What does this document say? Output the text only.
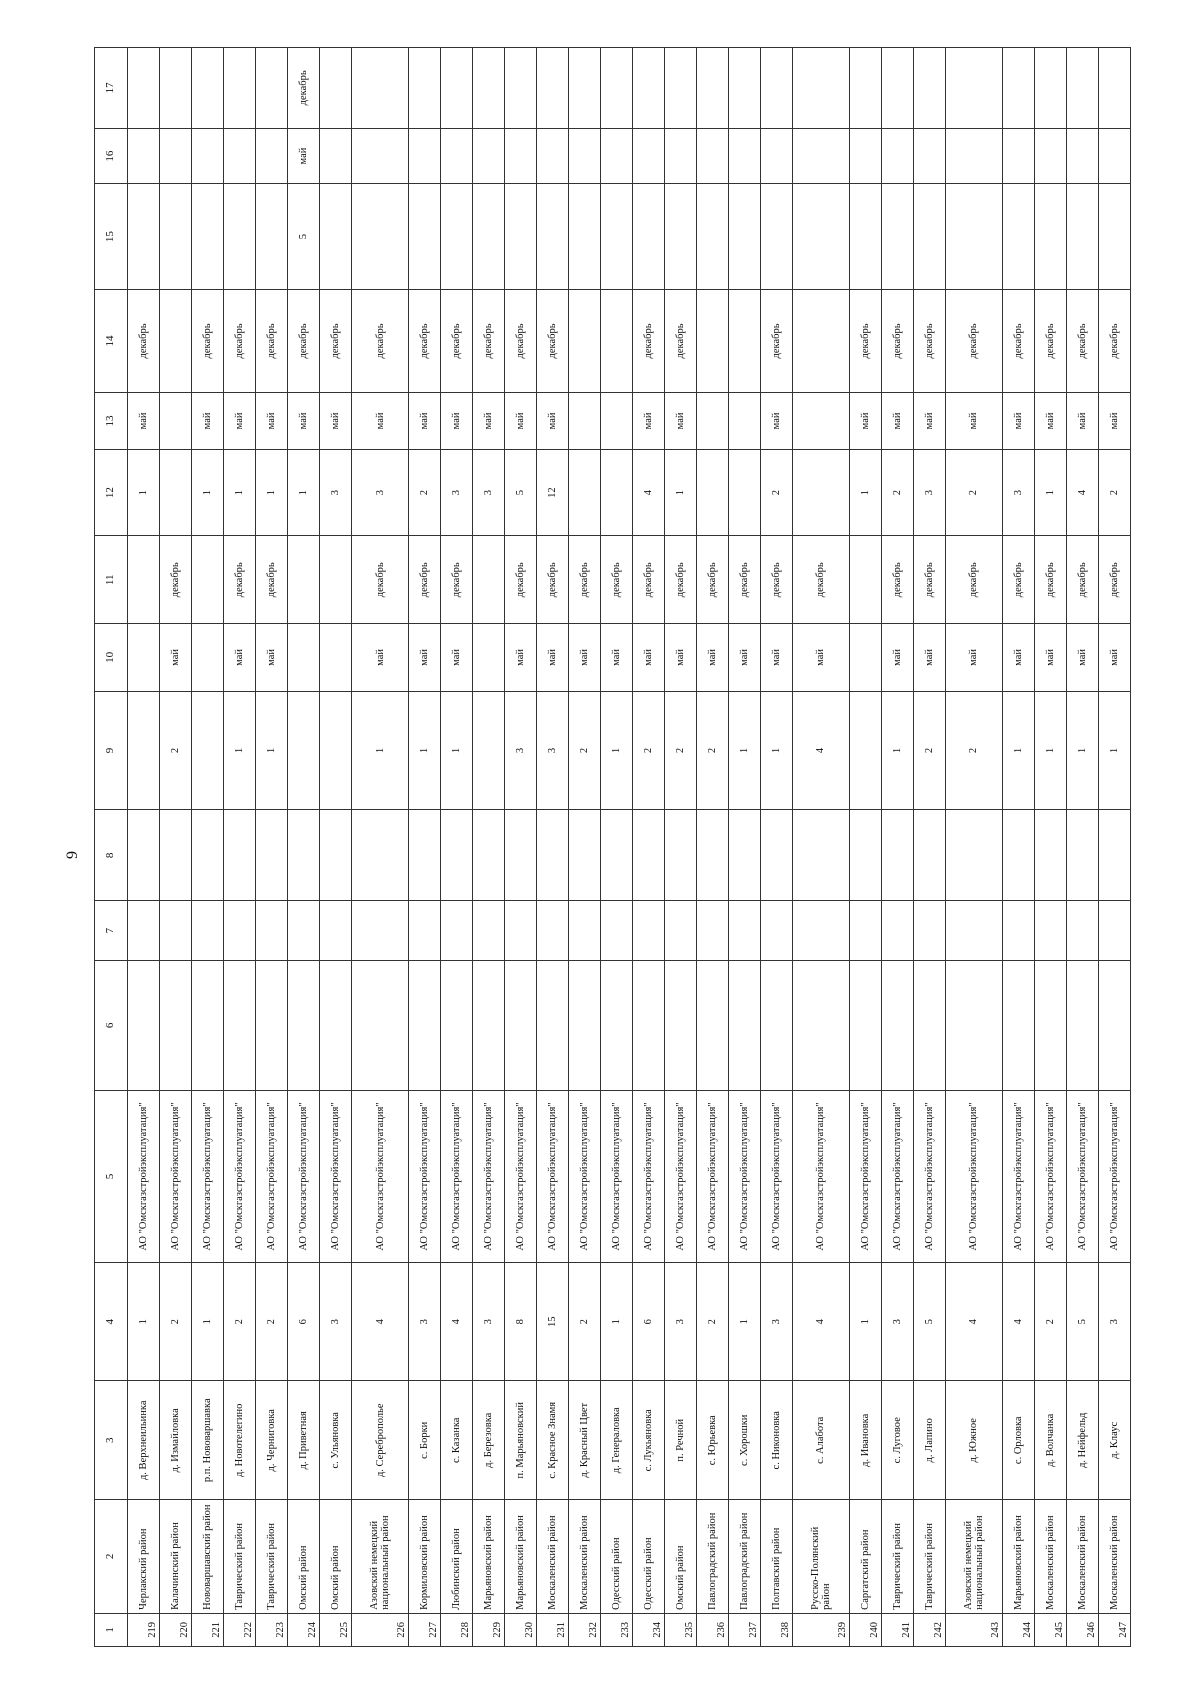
9
1	2	3	4	5	6	7	8	9	10	11	12	13	14	15	16	17
219	Черлакский район	д. Верхнеильинка	1	АО "Омскгазстройэксплуатация"							1	май	декабрь			
220	Калачинский район	д. Измайловка	2	АО "Омскгазстройэксплуатация"				2	май	декабрь						
221	Нововаршавский район	р.п. Нововаршавка	1	АО "Омскгазстройэксплуатация"							1	май	декабрь			
222	Таврический район	д. Новотелегино	2	АО "Омскгазстройэксплуатация"				1	май	декабрь	1	май	декабрь			
223	Таврический район	д. Черниговка	2	АО "Омскгазстройэксплуатация"				1	май	декабрь	1	май	декабрь			
224	Омский район	д. Приветная	6	АО "Омскгазстройэксплуатация"							1	май	декабрь	5	май	декабрь
225	Омский район	с. Ульяновка	3	АО "Омскгазстройэксплуатация"							3	май	декабрь			
226	Азовский немецкий национальный район	д. Сереброполье	4	АО "Омскгазстройэксплуатация"				1	май	декабрь	3	май	декабрь			
227	Кормиловский район	с. Борки	3	АО "Омскгазстройэксплуатация"				1	май	декабрь	2	май	декабрь			
228	Любинский район	с. Казанка	4	АО "Омскгазстройэксплуатация"				1	май	декабрь	3	май	декабрь			
229	Марьяновский район	д. Березовка	3	АО "Омскгазстройэксплуатация"							3	май	декабрь			
230	Марьяновский район	п. Марьяновский	8	АО "Омскгазстройэксплуатация"				3	май	декабрь	5	май	декабрь			
231	Москаленский район	с. Красное Знамя	15	АО "Омскгазстройэксплуатация"				3	май	декабрь	12	май	декабрь			
232	Москаленский район	д. Красный Цвет	2	АО "Омскгазстройэксплуатация"				2	май	декабрь						
233	Одесский район	д. Генераловка	1	АО "Омскгазстройэксплуатация"				1	май	декабрь						
234	Одесский район	с. Лукьяновка	6	АО "Омскгазстройэксплуатация"				2	май	декабрь	4	май	декабрь			
235	Омский район	п. Речной	3	АО "Омскгазстройэксплуатация"				2	май	декабрь	1	май	декабрь			
236	Павлоградский район	с. Юрьевка	2	АО "Омскгазстройэксплуатация"				2	май	декабрь						
237	Павлоградский район	с. Хорошки	1	АО "Омскгазстройэксплуатация"				1	май	декабрь						
238	Полтавский район	с. Никоновка	3	АО "Омскгазстройэксплуатация"				1	май	декабрь	2	май	декабрь			
239	Русско-Полянский район	с. Алабота	4	АО "Омскгазстройэксплуатация"				4	май	декабрь						
240	Саргатский район	д. Ивановка	1	АО "Омскгазстройэксплуатация"							1	май	декабрь			
241	Таврический район	с. Луговое	3	АО "Омскгазстройэксплуатация"				1	май	декабрь	2	май	декабрь			
242	Таврический район	д. Лапино	5	АО "Омскгазстройэксплуатация"				2	май	декабрь	3	май	декабрь			
243	Азовский немецкий национальный район	д. Южное	4	АО "Омскгазстройэксплуатация"				2	май	декабрь	2	май	декабрь			
244	Марьяновский район	с. Орловка	4	АО "Омскгазстройэксплуатация"				1	май	декабрь	3	май	декабрь			
245	Москаленский район	д. Волчанка	2	АО "Омскгазстройэксплуатация"				1	май	декабрь	1	май	декабрь			
246	Москаленский район	д. Нейфельд	5	АО "Омскгазстройэксплуатация"				1	май	декабрь	4	май	декабрь			
247	Москаленский район	д. Клаус	3	АО "Омскгазстройэксплуатация"				1	май	декабрь	2	май	декабрь			
